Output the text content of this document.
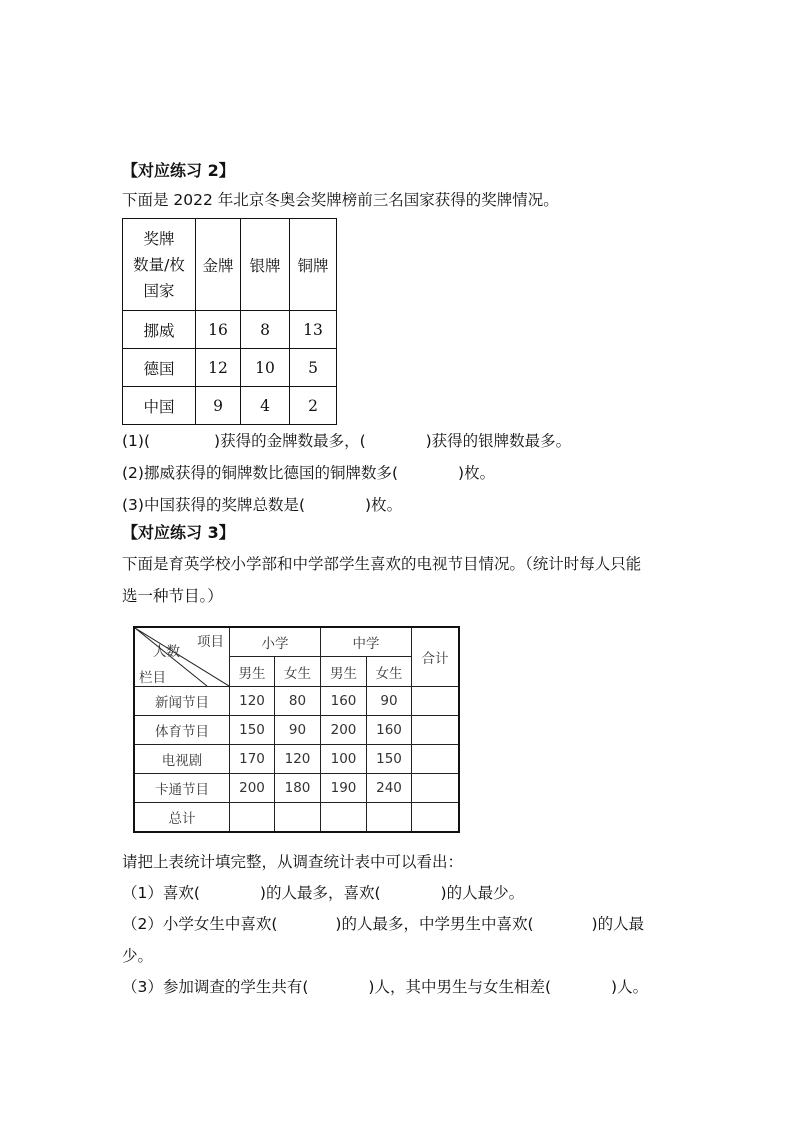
【对应练习 2】
下面是 2022 年北京冬奥会奖牌榜前三名国家获得的奖牌情况。
奖牌
数量/枚
国家	金牌	银牌	铜牌
挪威	16	8	13
德国	12	10	5
中国	9	4	2
(1)(	)获得的金牌数最多，(	)获得的银牌数最多。
(2)挪威获得的铜牌数比德国的铜牌数多(	)枚。
(3)中国获得的奖牌总数是(	)枚。
【对应练习 3】
下面是育英学校小学部和中学部学生喜欢的电视节目情况。（统计时每人只能
选一种节目。）
项目
人数
栏目	小学		中学		合计
	男生	女生	男生	女生	
新闻节目	120	80	160	90	
体育节目	150	90	200	160	
电视剧	170	120	100	150	
卡通节目	200	180	190	240	
总计					
请把上表统计填完整，从调查统计表中可以看出：
（1）喜欢(	)的人最多，喜欢(	)的人最少。
（2）小学女生中喜欢(	)的人最多，中学男生中喜欢(	)的人最
少。
（3）参加调查的学生共有(	)人，其中男生与女生相差(	)人。
